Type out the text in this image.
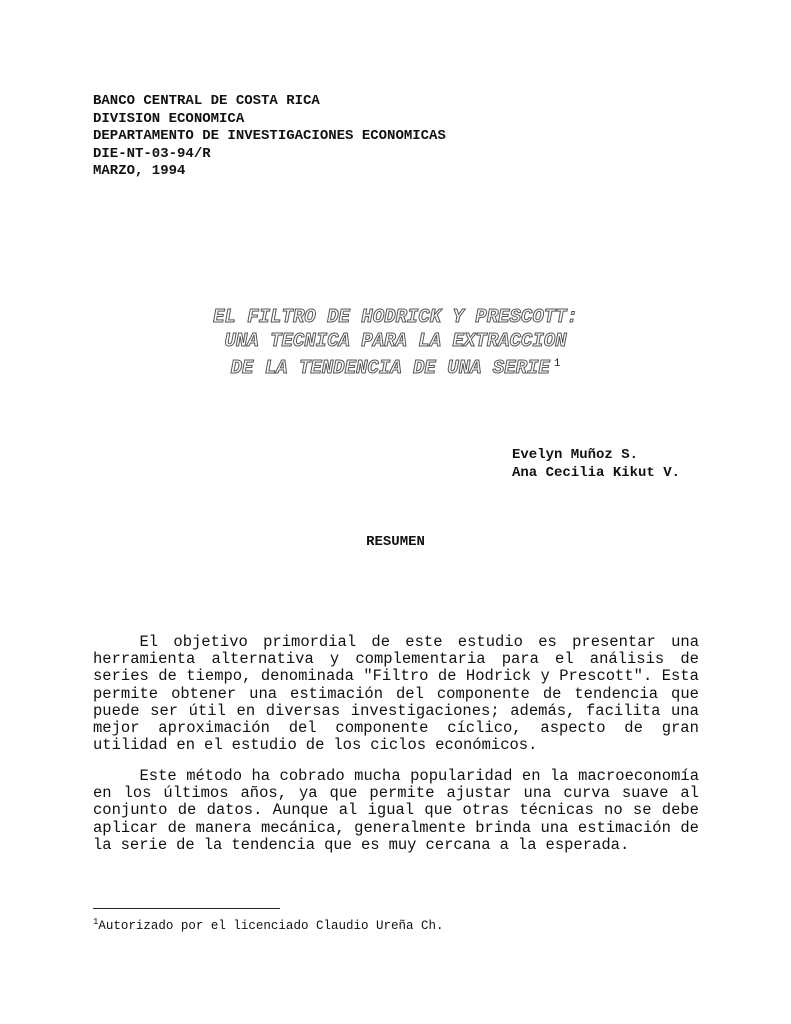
BANCO CENTRAL DE COSTA RICA
DIVISION ECONOMICA
DEPARTAMENTO DE INVESTIGACIONES ECONOMICAS
DIE-NT-03-94/R
MARZO, 1994
EL FILTRO DE HODRICK Y PRESCOTT:
UNA TECNICA PARA LA EXTRACCION
DE LA TENDENCIA DE UNA SERIE $^1$
Evelyn Muñoz S.
Ana Cecilia Kikut V.
RESUMEN
El objetivo primordial de este estudio es presentar una
herramienta alternativa y complementaria para el análisis de
series de tiempo, denominada "Filtro de Hodrick y Prescott". Esta
permite obtener una estimación del componente de tendencia que
puede ser útil en diversas investigaciones; además, facilita una
mejor aproximación del componente cíclico, aspecto de gran
utilidad en el estudio de los ciclos económicos.
Este método ha cobrado mucha popularidad en la macroeconomía
en los últimos años, ya que permite ajustar una curva suave al
conjunto de datos. Aunque al igual que otras técnicas no se debe
aplicar de manera mecánica, generalmente brinda una estimación de
la serie de la tendencia que es muy cercana a la esperada.
$^1$Autorizado por el licenciado Claudio Ureña Ch.
